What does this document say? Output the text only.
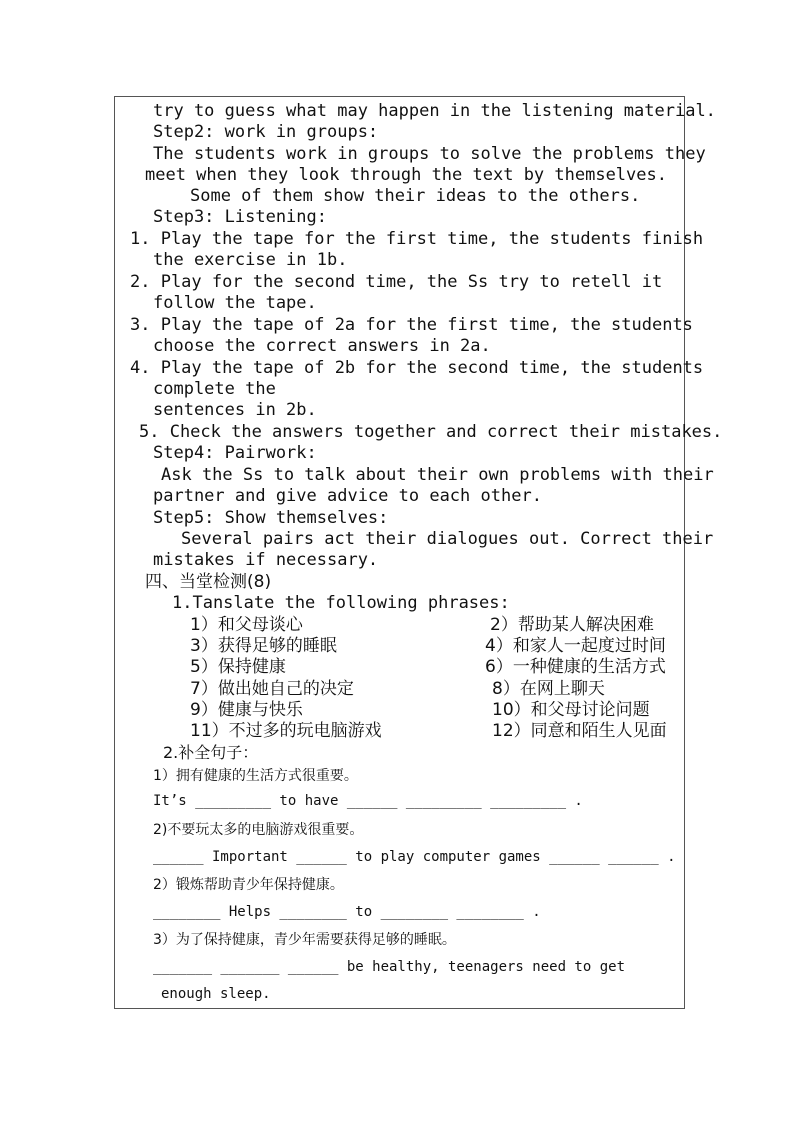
try to guess what may happen in the listening material.
Step2: work in groups:
The students work in groups to solve the problems they
meet when they look through the text by themselves.
Some of them show their ideas to the others.
Step3: Listening:
1. Play the tape for the first time, the students finish
the exercise in 1b.
2. Play for the second time, the Ss try to retell it
follow the tape.
3. Play the tape of 2a for the first time, the students
choose the correct answers in 2a.
4. Play the tape of 2b for the second time, the students
complete the
sentences in 2b.
5. Check the answers together and correct their mistakes.
Step4: Pairwork:
Ask the Ss to talk about their own problems with their
partner and give advice to each other.
Step5: Show themselves:
Several pairs act their dialogues out. Correct their
mistakes if necessary.
四、当堂检测(8)
1.Tanslate the following phrases:
1）和父母谈心	2）帮助某人解决困难
3）获得足够的睡眠	4）和家人一起度过时间
5）保持健康	6）一种健康的生活方式
7）做出她自己的决定	8）在网上聊天
9）健康与快乐	10）和父母讨论问题
11）不过多的玩电脑游戏	12）同意和陌生人见面
2.补全句子：
1）拥有健康的生活方式很重要。
It’s _________ to have ______ _________ _________ .
2)不要玩太多的电脑游戏很重要。
______ Important ______ to play computer games ______ ______ .
2）锻炼帮助青少年保持健康。
________ Helps ________ to ________ ________ .
3）为了保持健康，青少年需要获得足够的睡眠。
_______ _______ ______ be healthy, teenagers need to get
enough sleep.
